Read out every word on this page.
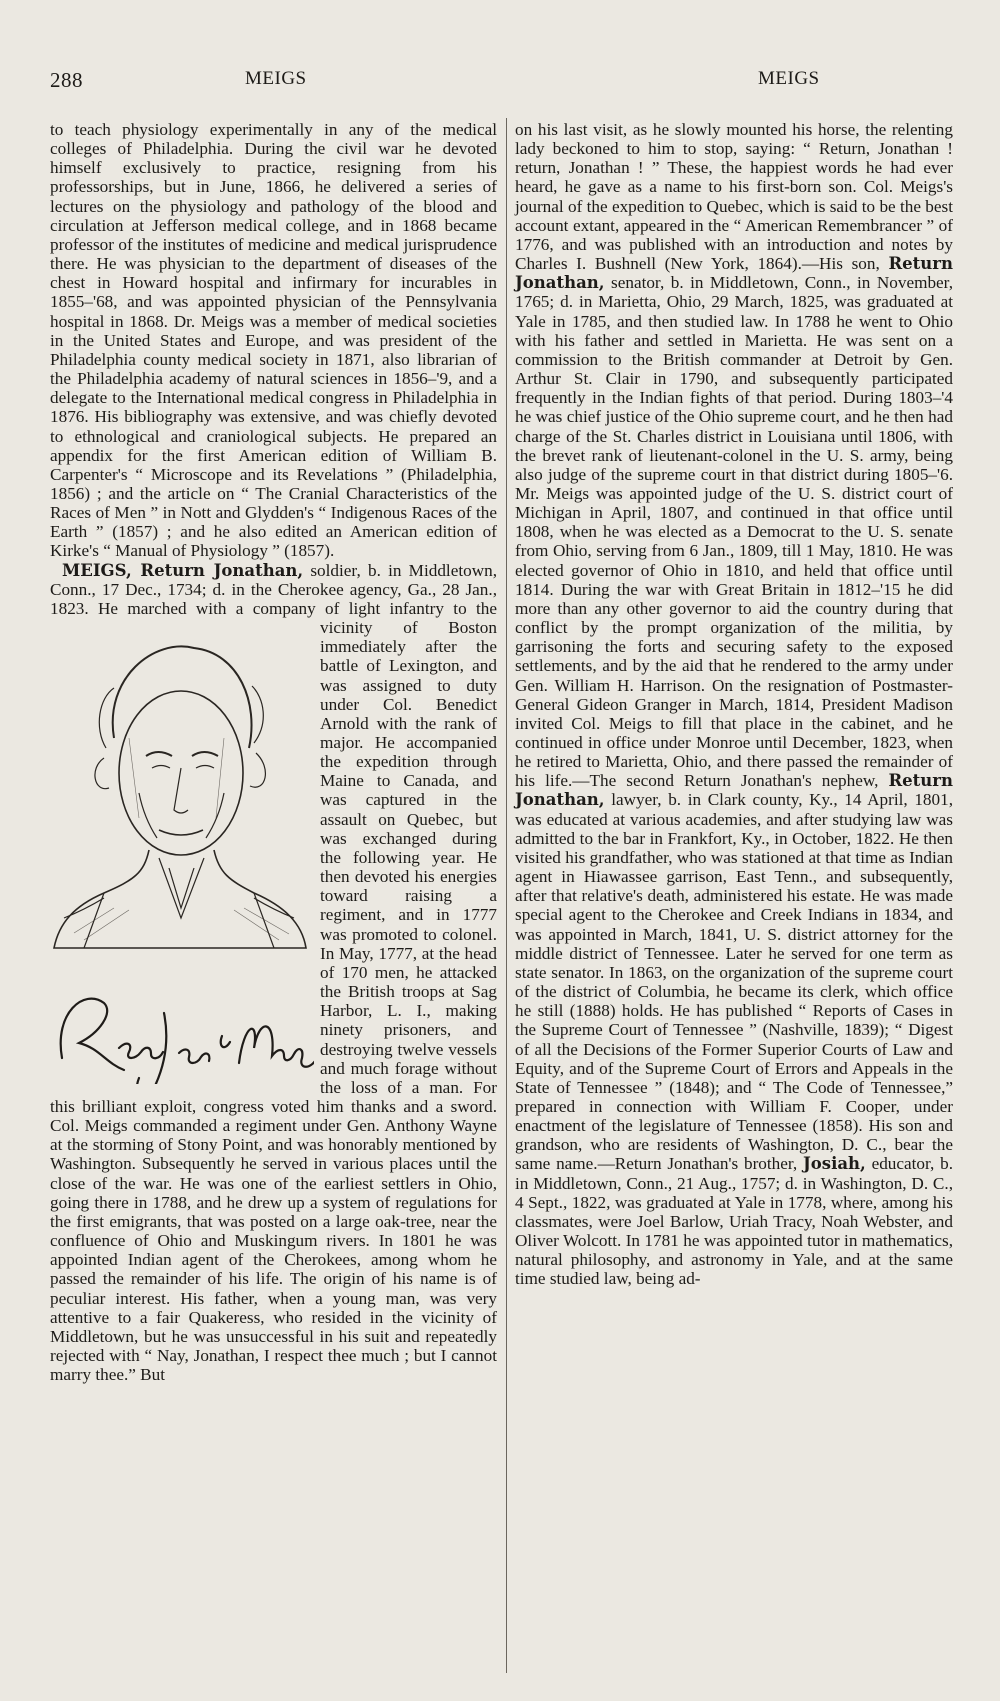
288	MEIGS	MEIGS

to teach physiology experimentally in any of the medical colleges of Philadelphia. During the civil war he devoted himself exclusively to practice, resigning from his professorships, but in June, 1866, he delivered a series of lectures on the physiology and pathology of the blood and circulation at Jefferson medical college, and in 1868 became professor of the institutes of medicine and medical jurisprudence there. He was physician to the department of diseases of the chest in Howard hospital and infirmary for incurables in 1855–'68, and was appointed physician of the Pennsylvania hospital in 1868. Dr. Meigs was a member of medical societies in the United States and Europe, and was president of the Philadelphia county medical society in 1871, also librarian of the Philadelphia academy of natural sciences in 1856–'9, and a delegate to the International medical congress in Philadelphia in 1876. His bibliography was extensive, and was chiefly devoted to ethnological and craniological subjects. He prepared an appendix for the first American edition of William B. Carpenter's “ Microscope and its Revelations ” (Philadelphia, 1856) ; and the article on “ The Cranial Characteristics of the Races of Men ” in Nott and Glydden's “ Indigenous Races of the Earth ” (1857) ; and he also edited an American edition of Kirke's “ Manual of Physiology ” (1857).

MEIGS, Return Jonathan, soldier, b. in Middletown, Conn., 17 Dec., 1734; d. in the Cherokee agency, Ga., 28 Jan., 1823. He marched with a company of light infantry to the vicinity of Bos
ton immediately after the battle of Lexington, and was assigned to duty under Col. Benedict Arnold with the rank of major. He accompanied the expedition through Maine to Canada, and was captured in the assault on Quebec, but was exchanged during the following year. He then devoted his energies toward raising a regiment, and in 1777 was promoted to colonel. In May, 1777, at the head of 170 men, he attacked the British troops at Sag Harbor, L. I., making ninety prisoners, and destroying twelve vessels and much forage without the loss of a man. For this brilliant exploit, congress voted him thanks and a sword. Col. Meigs commanded a regiment under Gen. Anthony Wayne at the storming of Stony Point, and was honorably mentioned by Washington. Subsequently he served in various places until the close of the war. He was one of the earliest settlers in Ohio, going there in 1788, and he drew up a system of regulations for the first emigrants, that was posted on a large oak-tree, near the confluence of Ohio and Muskingum rivers. In 1801 he was appointed Indian agent of the Cherokees, among whom he passed the remainder of his life. The origin of his name is of peculiar interest. His father, when a young man, was very attentive to a fair Quakeress, who resided in the vicinity of Middletown, but he was unsuccessful in his suit and repeatedly rejected with “ Nay, Jonathan, I respect thee much ; but I cannot marry thee.” But

on his last visit, as he slowly mounted his horse, the relenting lady beckoned to him to stop, saying: “ Return, Jonathan ! return, Jonathan ! ” These, the happiest words he had ever heard, he gave as a name to his first-born son. Col. Meigs's journal of the expedition to Quebec, which is said to be the best account extant, appeared in the “ American Remembrancer ” of 1776, and was published with an introduction and notes by Charles I. Bushnell (New York, 1864).—His son, Return Jonathan, senator, b. in Middletown, Conn., in November, 1765; d. in Marietta, Ohio, 29 March, 1825, was graduated at Yale in 1785, and then studied law. In 1788 he went to Ohio with his father and settled in Marietta. He was sent on a commission to the British commander at Detroit by Gen. Arthur St. Clair in 1790, and subsequently participated frequently in the Indian fights of that period. During 1803–'4 he was chief justice of the Ohio supreme court, and he then had charge of the St. Charles district in Louisiana until 1806, with the brevet rank of lieutenant-colonel in the U. S. army, being also judge of the supreme court in that district during 1805–'6. Mr. Meigs was appointed judge of the U. S. district court of Michigan in April, 1807, and continued in that office until 1808, when he was elected as a Democrat to the U. S. senate from Ohio, serving from 6 Jan., 1809, till 1 May, 1810. He was elected governor of Ohio in 1810, and held that office until 1814. During the war with Great Britain in 1812–'15 he did more than any other governor to aid the country during that conflict by the prompt organization of the militia, by garrisoning the forts and securing safety to the exposed settlements, and by the aid that he rendered to the army under Gen. William H. Harrison. On the resignation of Postmaster-General Gideon Granger in March, 1814, President Madison invited Col. Meigs to fill that place in the cabinet, and he continued in office under Monroe until December, 1823, when he retired to Marietta, Ohio, and there passed the remainder of his life.—The second Return Jonathan's nephew, Return Jonathan, lawyer, b. in Clark county, Ky., 14 April, 1801, was educated at various academies, and after studying law was admitted to the bar in Frankfort, Ky., in October, 1822. He then visited his grandfather, who was stationed at that time as Indian agent in Hiawassee garrison, East Tenn., and subsequently, after that relative's death, administered his estate. He was made special agent to the Cherokee and Creek Indians in 1834, and was appointed in March, 1841, U. S. district attorney for the middle district of Tennessee. Later he served for one term as state senator. In 1863, on the organization of the supreme court of the district of Columbia, he became its clerk, which office he still (1888) holds. He has published “ Reports of Cases in the Supreme Court of Tennessee ” (Nashville, 1839); “ Digest of all the Decisions of the Former Superior Courts of Law and Equity, and of the Supreme Court of Errors and Appeals in the State of Tennessee ” (1848); and “ The Code of Tennessee,” prepared in connection with William F. Cooper, under enactment of the legislature of Tennessee (1858). His son and grandson, who are residents of Washington, D. C., bear the same name.—Return Jonathan's brother, Josiah, educator, b. in Middletown, Conn., 21 Aug., 1757; d. in Washington, D. C., 4 Sept., 1822, was graduated at Yale in 1778, where, among his classmates, were Joel Barlow, Uriah Tracy, Noah Webster, and Oliver Wolcott. In 1781 he was appointed tutor in mathematics, natural philosophy, and astronomy in Yale, and at the same time studied law, being ad-
